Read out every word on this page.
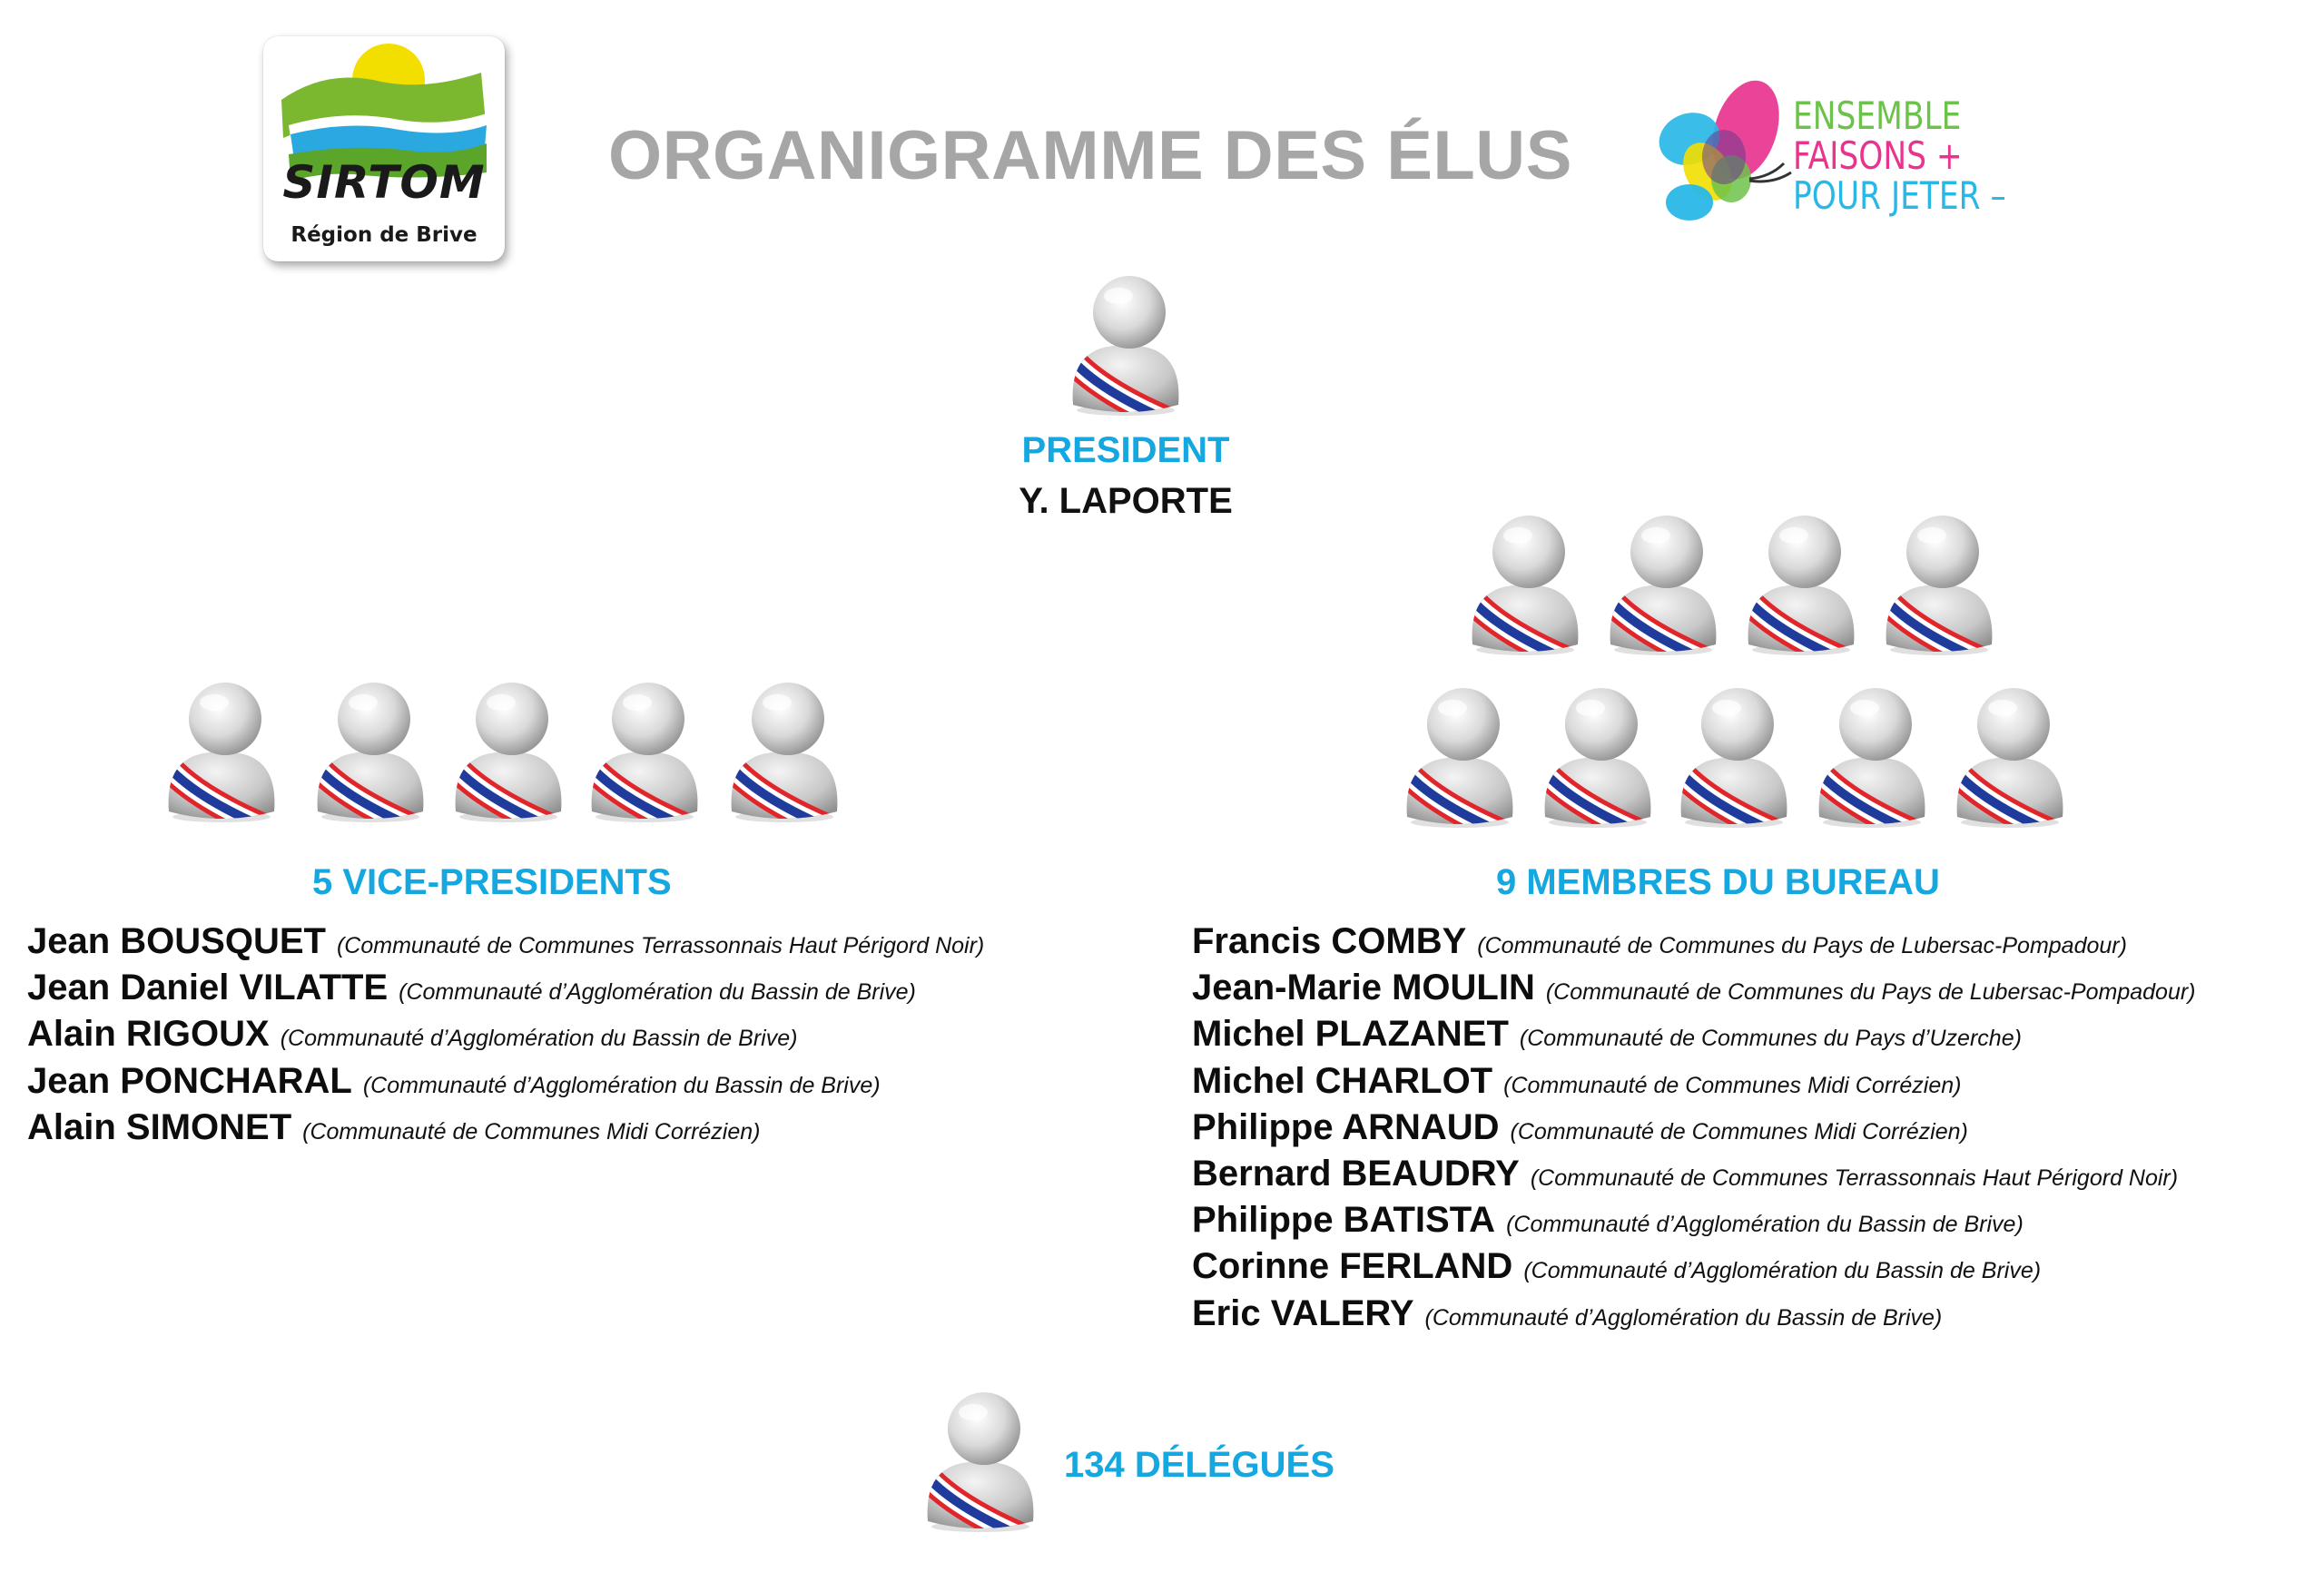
SIRTOM
Région de Brive
ORGANIGRAMME DES ÉLUS
ENSEMBLE
FAISONS +
POUR JETER –
PRESIDENT
Y. LAPORTE
5 VICE-PRESIDENTS
Jean BOUSQUET (Communauté de Communes Terrassonnais Haut Périgord Noir)
Jean Daniel VILATTE (Communauté d’Agglomération du Bassin de Brive)
Alain RIGOUX (Communauté d’Agglomération du Bassin de Brive)
Jean PONCHARAL (Communauté d’Agglomération du Bassin de Brive)
Alain SIMONET (Communauté de Communes Midi Corrézien)
9 MEMBRES DU BUREAU
Francis COMBY (Communauté de Communes du Pays de Lubersac-Pompadour)
Jean-Marie MOULIN (Communauté de Communes du Pays de Lubersac-Pompadour)
Michel PLAZANET (Communauté de Communes du Pays d’Uzerche)
Michel CHARLOT (Communauté de Communes Midi Corrézien)
Philippe ARNAUD (Communauté de Communes Midi Corrézien)
Bernard BEAUDRY (Communauté de Communes Terrassonnais Haut Périgord Noir)
Philippe BATISTA (Communauté d’Agglomération du Bassin de Brive)
Corinne FERLAND (Communauté d’Agglomération du Bassin de Brive)
Eric VALERY (Communauté d’Agglomération du Bassin de Brive)
134 DÉLÉGUÉS
